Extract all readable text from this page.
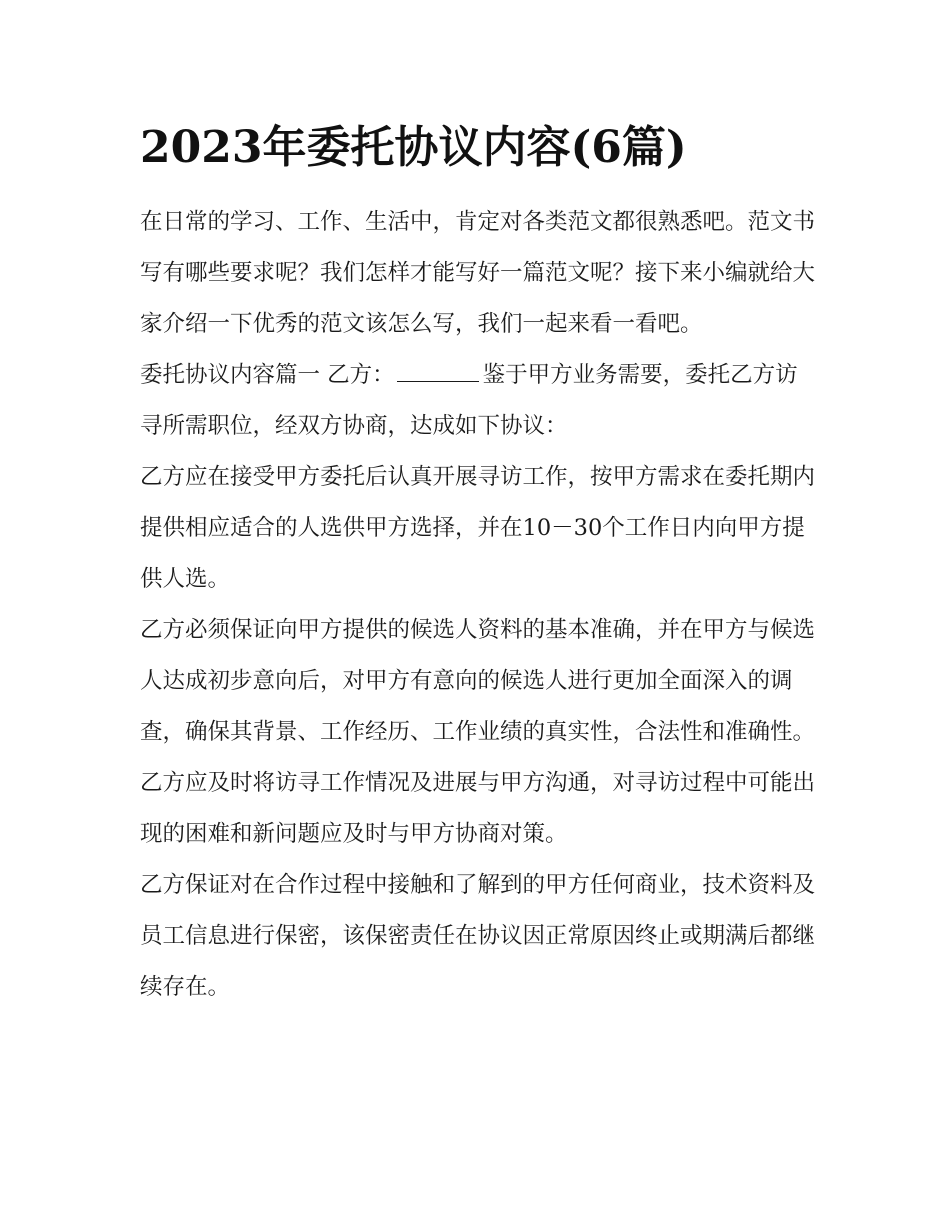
2023年委托协议内容(6篇)

在日常的学习、工作、生活中，肯定对各类范文都很熟悉吧。范文书写有哪些要求呢？我们怎样才能写好一篇范文呢？接下来小编就给大家介绍一下优秀的范文该怎么写，我们一起来看一看吧。

委托协议内容篇一 乙方：	鉴于甲方业务需要，委托乙方访寻所需职位，经双方协商，达成如下协议：

乙方应在接受甲方委托后认真开展寻访工作，按甲方需求在委托期内提供相应适合的人选供甲方选择，并在10－30个工作日内向甲方提供人选。

乙方必须保证向甲方提供的候选人资料的基本准确，并在甲方与候选人达成初步意向后，对甲方有意向的候选人进行更加全面深入的调查，确保其背景、工作经历、工作业绩的真实性，合法性和准确性。

乙方应及时将访寻工作情况及进展与甲方沟通，对寻访过程中可能出现的困难和新问题应及时与甲方协商对策。

乙方保证对在合作过程中接触和了解到的甲方任何商业，技术资料及员工信息进行保密，该保密责任在协议因正常原因终止或期满后都继续存在。
